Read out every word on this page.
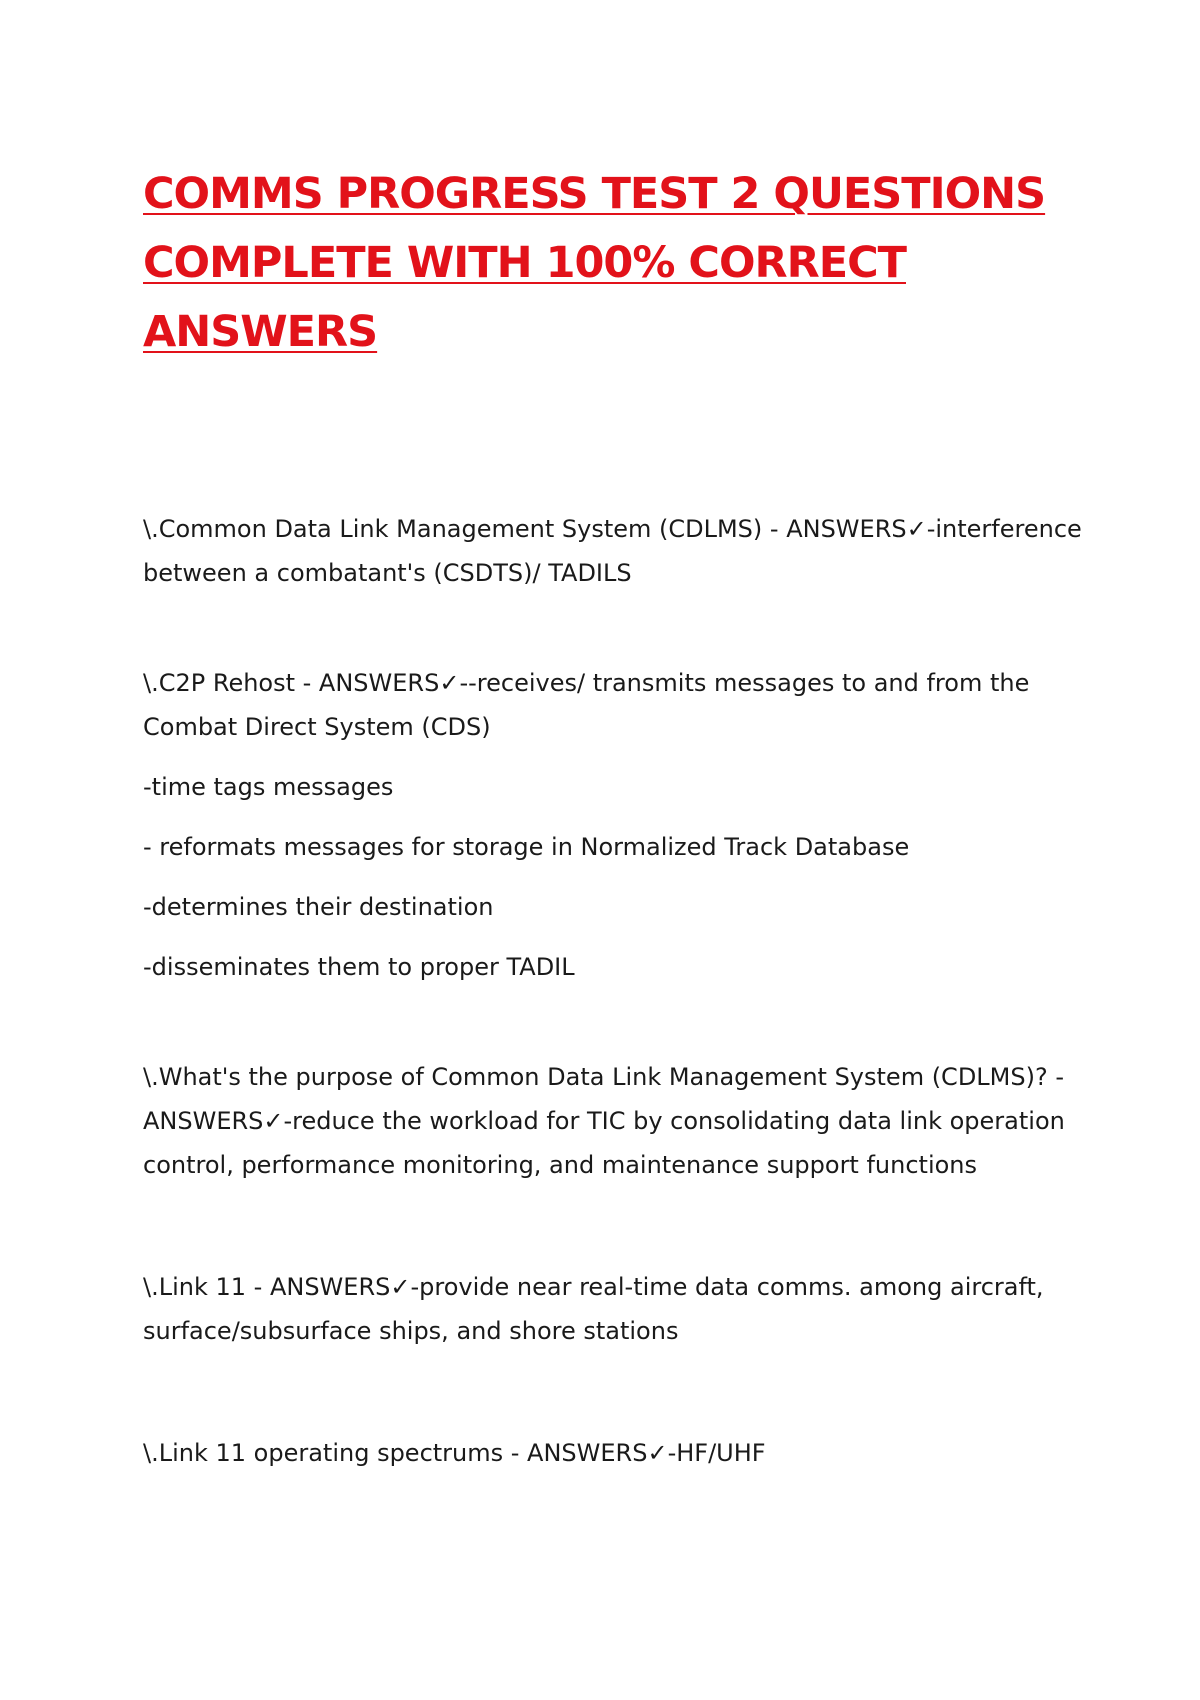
COMMS PROGRESS TEST 2 QUESTIONS COMPLETE WITH 100% CORRECT ANSWERS

\.Common Data Link Management System (CDLMS) - ANSWERS✓-interference between a combatant's (CSDTS)/ TADILS

\.C2P Rehost - ANSWERS✓--receives/ transmits messages to and from the Combat Direct System (CDS)

-time tags messages

- reformats messages for storage in Normalized Track Database

-determines their destination

-disseminates them to proper TADIL

\.What's the purpose of Common Data Link Management System (CDLMS)? - ANSWERS✓-reduce the workload for TIC by consolidating data link operation control, performance monitoring, and maintenance support functions

\.Link 11 - ANSWERS✓-provide near real-time data comms. among aircraft, surface/subsurface ships, and shore stations

\.Link 11 operating spectrums - ANSWERS✓-HF/UHF
